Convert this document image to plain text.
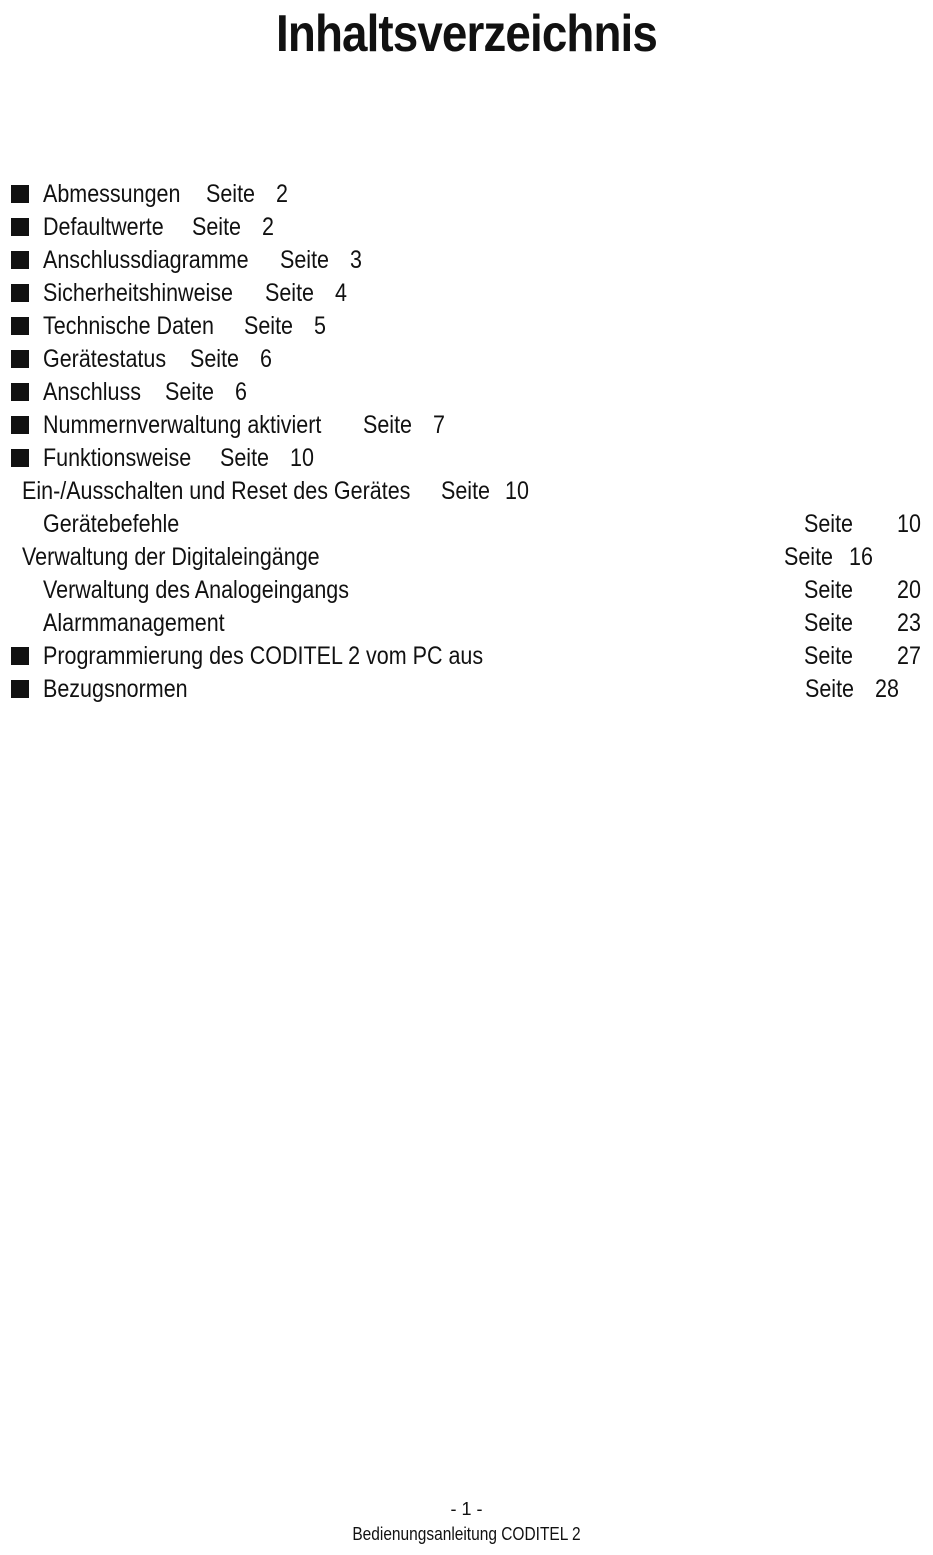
Inhaltsverzeichnis
Abmessungen Seite 2
Defaultwerte Seite 2
Anschlussdiagramme Seite 3
Sicherheitshinweise Seite 4
Technische Daten Seite 5
Gerätestatus Seite 6
Anschluss Seite 6
Nummernverwaltung aktiviert Seite 7
Funktionsweise Seite 10
Ein-/Ausschalten und Reset des Gerätes Seite 10
Gerätebefehle	Seite 10
Verwaltung der Digitaleingänge	Seite 16
Verwaltung des Analogeingangs	Seite 20
Alarmmanagement	Seite 23
Programmierung des CODITEL 2 vom PC aus	Seite 27
Bezugsnormen	Seite 28
- 1 -
Bedienungsanleitung CODITEL 2
